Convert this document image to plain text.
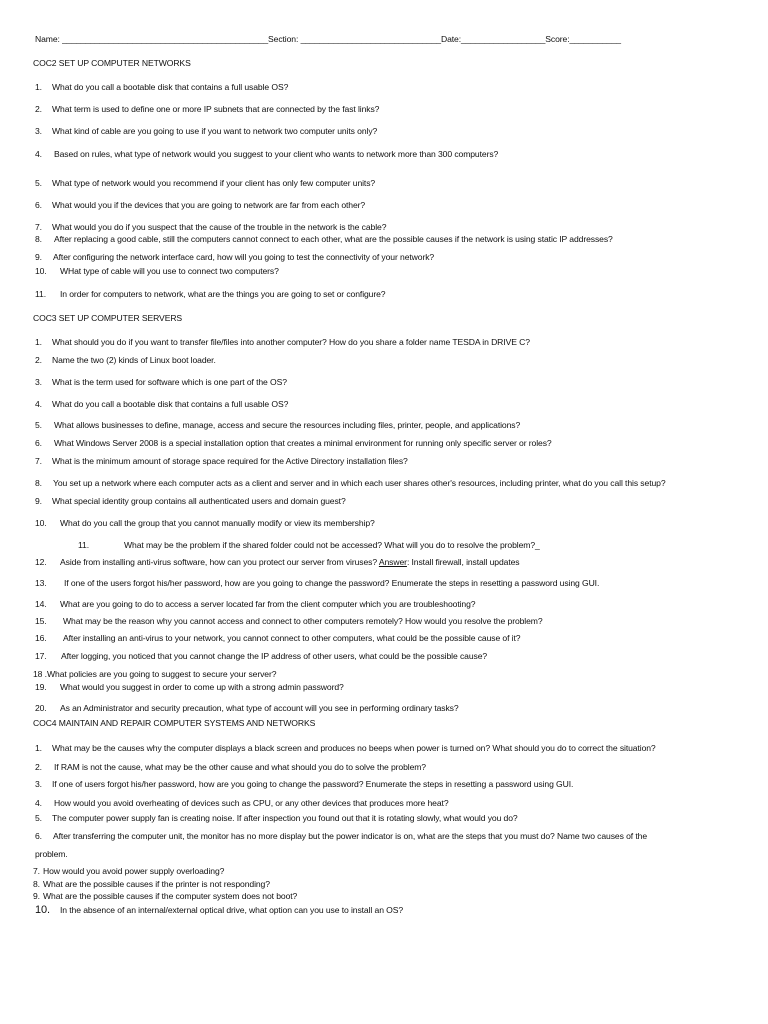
Name: ____________________________________________Section: ______________________________Date:__________________Score:___________
COC2 SET UP COMPUTER NETWORKS
1. What do you call a bootable disk that contains a full usable OS?
2. What term is used to define one or more IP subnets that are connected by the fast links?
3. What kind of cable are you going to use if you want to network two computer units only?
4. Based on rules, what type of network would you suggest to your client who wants to network more than 300 computers?
5. What type of network would you recommend if your client has only few computer units?
6. What would you if the devices that you are going to network are far from each other?
7. What would you do if you suspect that the cause of the trouble in the network is the cable?
8. After replacing a good cable, still the computers cannot connect to each other, what are the possible causes if the network is using static IP addresses?
9. After configuring the network interface card, how will you going to test the connectivity of your network?
10. WHat type of cable will you use to connect two computers?
11. In order for computers to network, what are the things you are going to set or configure?
COC3 SET UP COMPUTER SERVERS
1. What should you do if you want to transfer file/files into another computer? How do you share a folder name TESDA in DRIVE C?
2. Name the two (2) kinds of Linux boot loader.
3. What is the term used for software which is one part of the OS?
4. What do you call a bootable disk that contains a full usable OS?
5. What allows businesses to define, manage, access and secure the resources including files, printer, people, and applications?
6. What Windows Server 2008 is a special installation option that creates a minimal environment for running only specific server or roles?
7. What is the minimum amount of storage space required for the Active Directory installation files?
8. You set up a network where each computer acts as a client and server and in which each user shares other's resources, including printer, what do you call this setup?
9. What special identity group contains all authenticated users and domain guest?
10. What do you call the group that you cannot manually modify or view its membership?
11.	What may be the problem if the shared folder could not be accessed? What will you do to resolve the problem?_
12. Aside from installing anti-virus software, how can you protect our server from viruses? Answer: Install firewall, install updates
13. If one of the users forgot his/her password, how are you going to change the password? Enumerate the steps in resetting a password using GUI.
14. What are you going to do to access a server located far from the client computer which you are troubleshooting?
15. What may be the reason why you cannot access and connect to other computers remotely? How would you resolve the problem?
16. After installing an anti-virus to your network, you cannot connect to other computers, what could be the possible cause of it?
17. After logging, you noticed that you cannot change the IP address of other users, what could be the possible cause?
18 .What policies are you going to suggest to secure your server?
19. What would you suggest in order to come up with a strong admin password?
20. As an Administrator and security precaution, what type of account will you see in performing ordinary tasks?
COC4 MAINTAIN AND REPAIR COMPUTER SYSTEMS AND NETWORKS
1. What may be the causes why the computer displays a black screen and produces no beeps when power is turned on? What should you do to correct the situation?
2. If RAM is not the cause, what may be the other cause and what should you do to solve the problem?
3. If one of users forgot his/her password, how are you going to change the password? Enumerate the steps in resetting a password using GUI.
4. How would you avoid overheating of devices such as CPU, or any other devices that produces more heat?
5. The computer power supply fan is creating noise. If after inspection you found out that it is rotating slowly, what would you do?
6. After transferring the computer unit, the monitor has no more display but the power indicator is on, what are the steps that you must do? Name two causes of the
problem.
7. How would you avoid power supply overloading?
8. What are the possible causes if the printer is not responding?
9. What are the possible causes if the computer system does not boot?
10. In the absence of an internal/external optical drive, what option can you use to install an OS?
